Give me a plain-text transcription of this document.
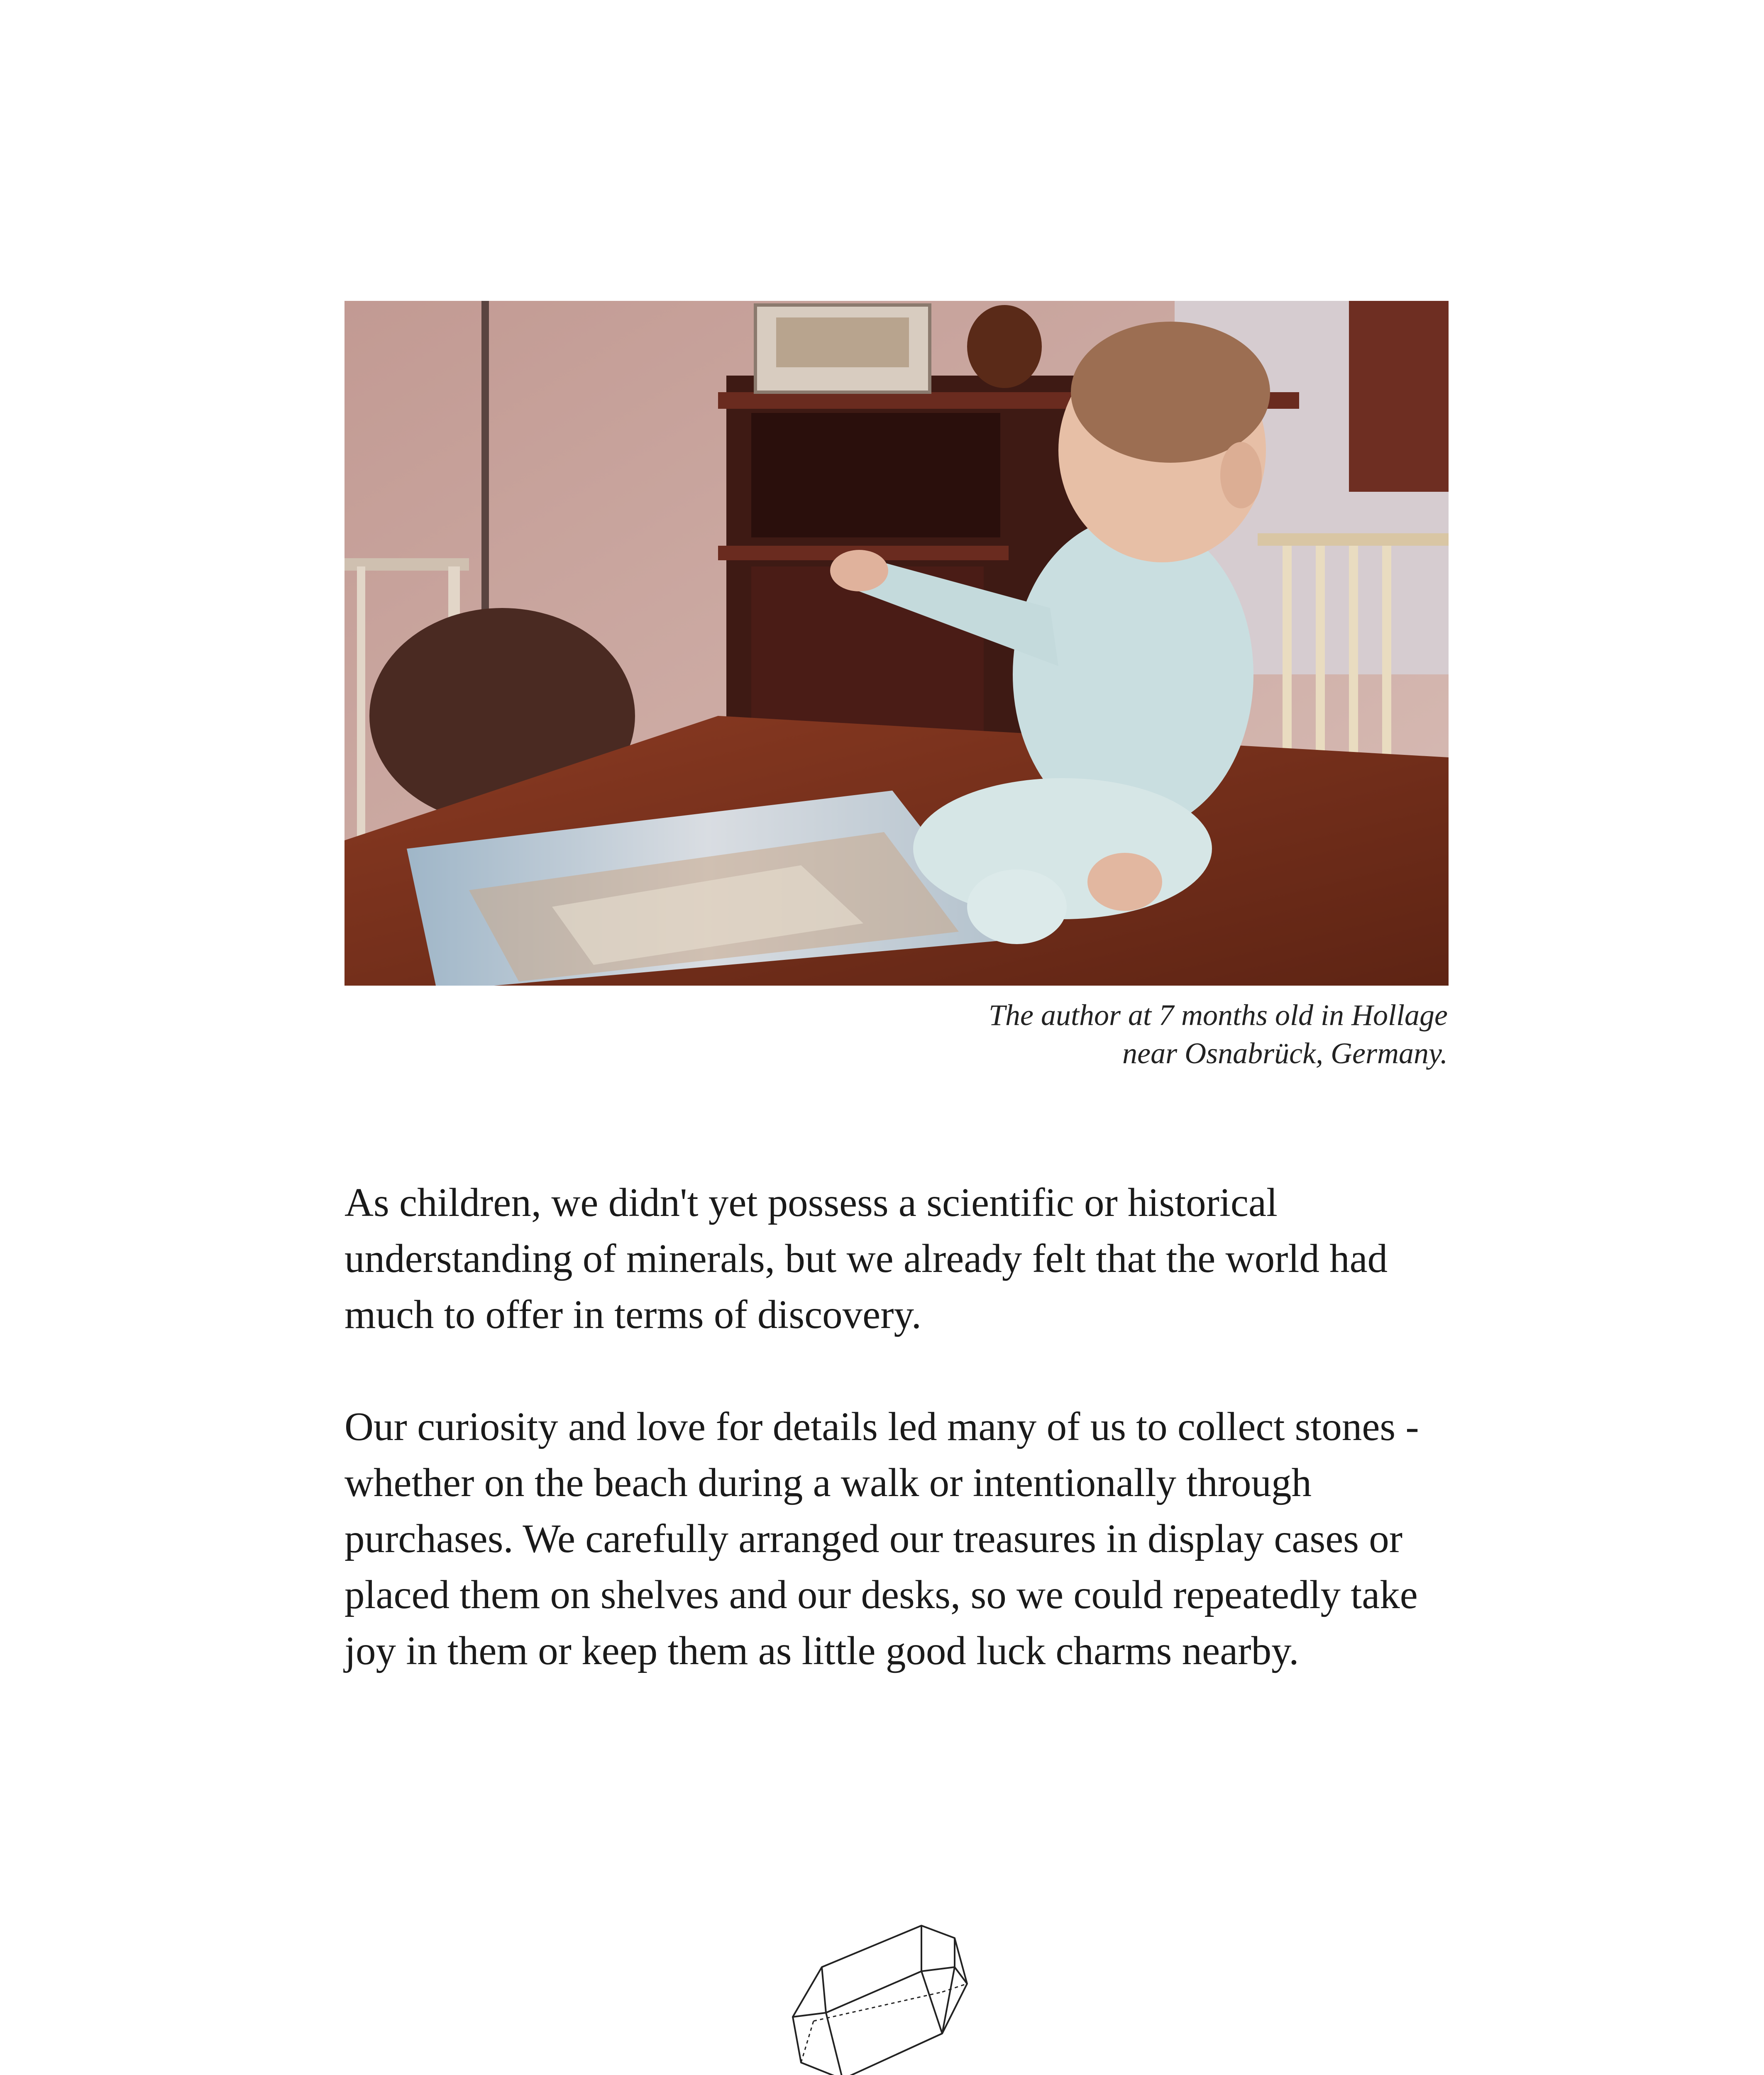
The author at 7 months old in Hollage
near Osnabrück, Germany.

As children, we didn't yet possess a scientific or historical understanding of minerals, but we already felt that the world had much to offer in terms of discovery.

Our curiosity and love for details led many of us to collect stones - whether on the beach during a walk or intentionally through purchases. We carefully arranged our treasures in display cases or placed them on shelves and our desks, so we could repeatedly take joy in them or keep them as little good luck charms nearby.
